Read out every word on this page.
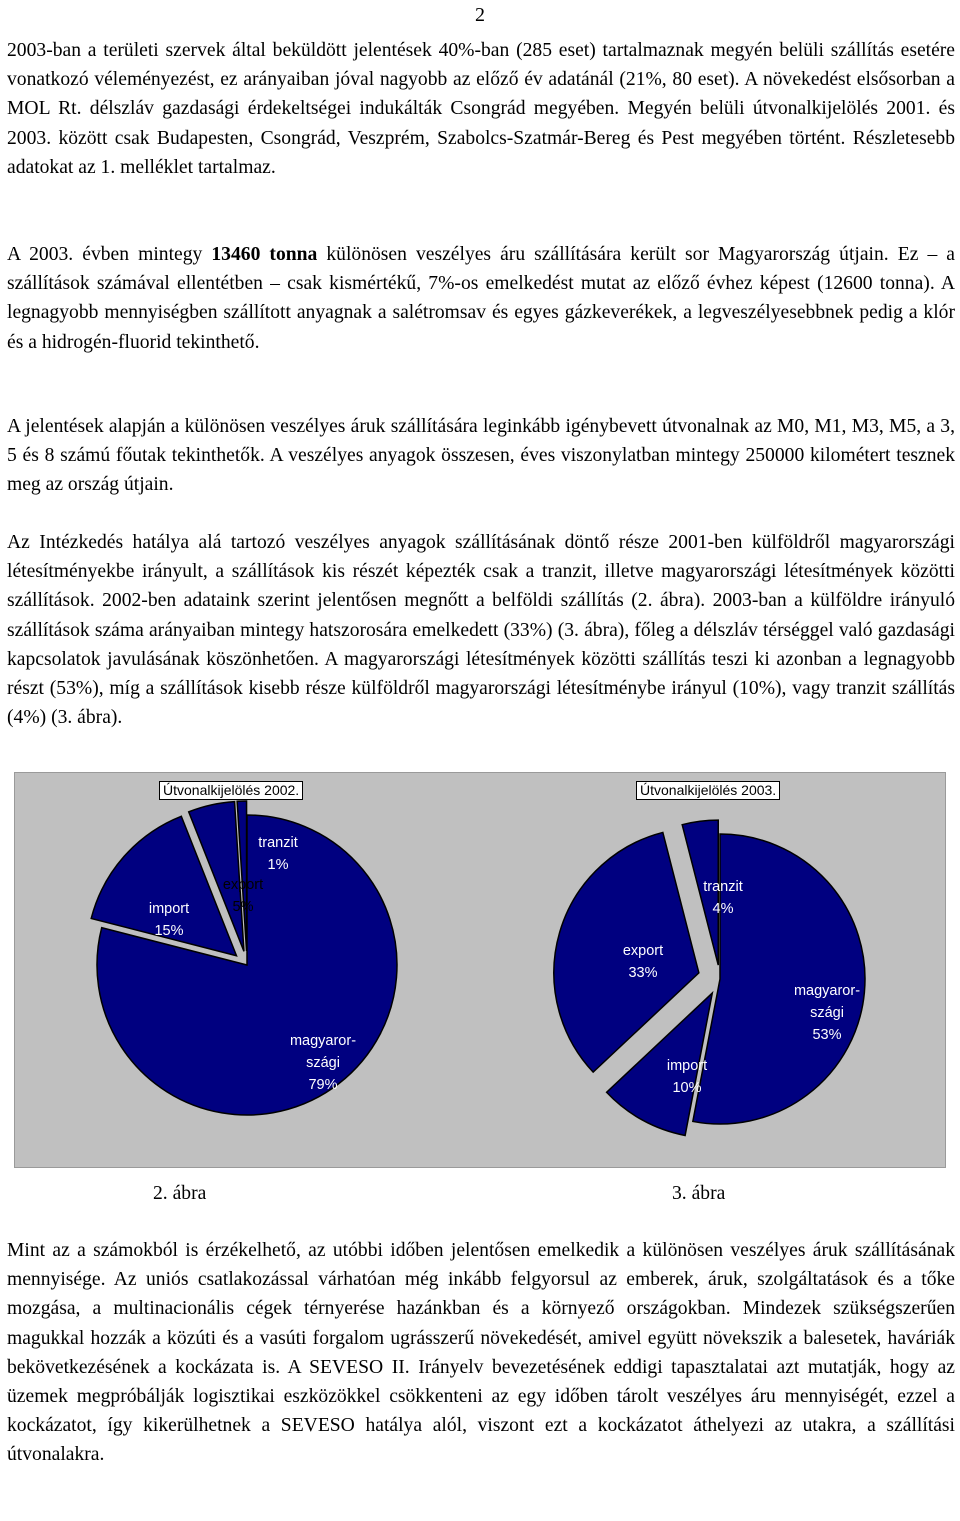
2

2003-ban a területi szervek által beküldött jelentések 40%-ban (285 eset) tartalmaznak megyén belüli szállítás esetére vonatkozó véleményezést, ez arányaiban jóval nagyobb az előző év adatánál (21%, 80 eset). A növekedést elsősorban a MOL Rt. délszláv gazdasági érdekeltségei indukálták Csongrád megyében. Megyén belüli útvonalkijelölés 2001. és 2003. között csak Budapesten, Csongrád, Veszprém, Szabolcs-Szatmár-Bereg és Pest megyében történt. Részletesebb adatokat az 1. melléklet tartalmaz.

A 2003. évben mintegy 13460 tonna különösen veszélyes áru szállítására került sor Magyarország útjain. Ez – a szállítások számával ellentétben – csak kismértékű, 7%-os emelkedést mutat az előző évhez képest (12600 tonna). A legnagyobb mennyiségben szállított anyagnak a salétromsav és egyes gázkeverékek, a legveszélyesebbnek pedig a klór és a hidrogén-fluorid tekinthető.

A jelentések alapján a különösen veszélyes áruk szállítására leginkább igénybevett útvonalnak az M0, M1, M3, M5, a 3, 5 és 8 számú főutak tekinthetők. A veszélyes anyagok összesen, éves viszonylatban mintegy 250000 kilométert tesznek meg az ország útjain.

Az Intézkedés hatálya alá tartozó veszélyes anyagok szállításának döntő része 2001-ben külföldről magyarországi létesítményekbe irányult, a szállítások kis részét képezték csak a tranzit, illetve magyarországi létesítmények közötti szállítások. 2002-ben adataink szerint jelentősen megnőtt a belföldi szállítás (2. ábra). 2003-ban a külföldre irányuló szállítások száma arányaiban mintegy hatszorosára emelkedett (33%) (3. ábra), főleg a délszláv térséggel való gazdasági kapcsolatok javulásának köszönhetően. A magyarországi létesítmények közötti szállítás teszi ki azonban a legnagyobb részt (53%), míg a szállítások kisebb része külföldről magyarországi létesítménybe irányul (10%), vagy tranzit szállítás (4%) (3. ábra).

magyaror-szági 79%
import 15%
export 5%
tranzit 1%
magyaror-szági 53%
import 10%
export 33%
tranzit 4%
Útvonalkijelölés 2002.	Útvonalkijelölés 2003.
2. ábra	3. ábra

Mint az a számokból is érzékelhető, az utóbbi időben jelentősen emelkedik a különösen veszélyes áruk szállításának mennyisége. Az uniós csatlakozással várhatóan még inkább felgyorsul az emberek, áruk, szolgáltatások és a tőke mozgása, a multinacionális cégek térnyerése hazánkban és a környező országokban. Mindezek szükségszerűen magukkal hozzák a közúti és a vasúti forgalom ugrásszerű növekedését, amivel együtt növekszik a balesetek, haváriák bekövetkezésének a kockázata is. A SEVESO II. Irányelv bevezetésének eddigi tapasztalatai azt mutatják, hogy az üzemek megpróbálják logisztikai eszközökkel csökkenteni az egy időben tárolt veszélyes áru mennyiségét, ezzel a kockázatot, így kikerülhetnek a SEVESO hatálya alól, viszont ezt a kockázatot áthelyezi az utakra, a szállítási útvonalakra.
